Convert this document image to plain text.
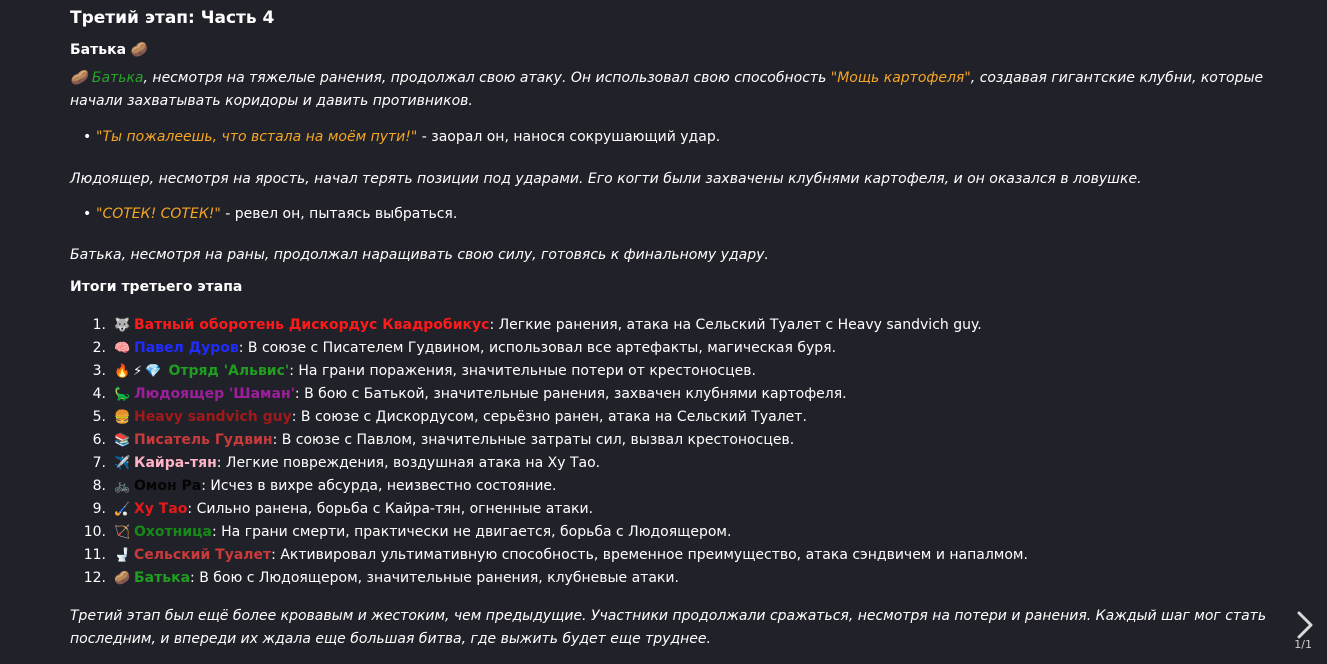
Третий этап: Часть 4
Батька 🥔
🥔 Батька, несмотря на тяжелые ранения, продолжал свою атаку. Он использовал свою способность "Мощь картофеля", создавая гигантские клубни, которые начали захватывать коридоры и давить противников.
• "Ты пожалеешь, что встала на моём пути!" - заорал он, нанося сокрушающий удар.
Людоящер, несмотря на ярость, начал терять позиции под ударами. Его когти были захвачены клубнями картофеля, и он оказался в ловушке.
• "СОТЕК! СОТЕК!" - ревел он, пытаясь выбраться.
Батька, несмотря на раны, продолжал наращивать свою силу, готовясь к финальному удару.
Итоги третьего этапа
1. 🐺 Ватный оборотень Дискордус Квадробикус: Легкие ранения, атака на Сельский Туалет с Heavy sandvich guy.
2. 🧠 Павел Дуров: В союзе с Писателем Гудвином, использовал все артефакты, магическая буря.
3. 🔥⚡💎 Отряд 'Альвис': На грани поражения, значительные потери от крестоносцев.
4. 🦕 Людоящер 'Шаман': В бою с Батькой, значительные ранения, захвачен клубнями картофеля.
5. 🍔 Heavy sandvich guy: В союзе с Дискордусом, серьёзно ранен, атака на Сельский Туалет.
6. 📚 Писатель Гудвин: В союзе с Павлом, значительные затраты сил, вызвал крестоносцев.
7. ✈️ Кайра-тян: Легкие повреждения, воздушная атака на Ху Тао.
8. 🚲 Омон Ра: Исчез в вихре абсурда, неизвестно состояние.
9. 🏑 Ху Тао: Сильно ранена, борьба с Кайра-тян, огненные атаки.
10. 🏹 Охотница: На грани смерти, практически не двигается, борьба с Людоящером.
11. 🚽 Сельский Туалет: Активировал ультимативную способность, временное преимущество, атака сэндвичем и напалмом.
12. 🥔 Батька: В бою с Людоящером, значительные ранения, клубневые атаки.
Третий этап был ещё более кровавым и жестоким, чем предыдущие. Участники продолжали сражаться, несмотря на потери и ранения. Каждый шаг мог стать последним, и впереди их ждала еще большая битва, где выжить будет еще труднее.	1/1
